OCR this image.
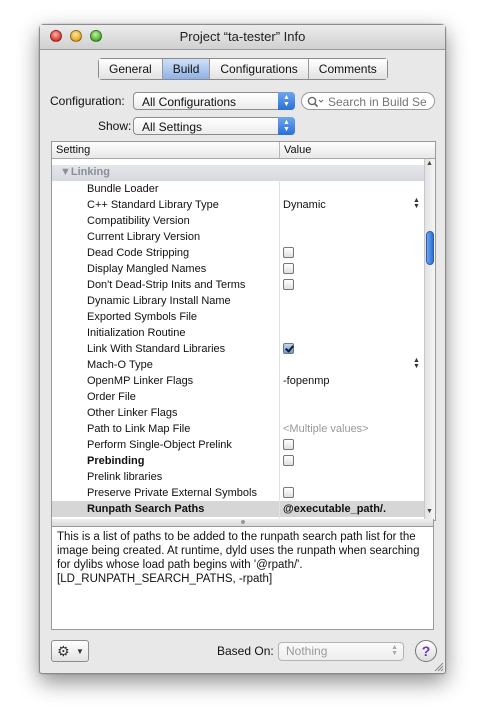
Project “ta-tester” Info
General	Build	Configurations	Comments
Configuration:	All Configurations	▲
▼
Search in Build Se
Show: All Settings	▲
▼
Setting	Value
▼Linking
Bundle Loader
C++ Standard Library Type	Dynamic	▲
▼
Compatibility Version
Current Library Version
Dead Code Stripping
Display Mangled Names
Don't Dead-Strip Inits and Terms
Dynamic Library Install Name
Exported Symbols File
Initialization Routine
Link With Standard Libraries
Mach-O Type	▲
▼
OpenMP Linker Flags	-fopenmp
Order File
Other Linker Flags
Path to Link Map File	<Multiple values>
Perform Single-Object Prelink
Prebinding
Prelink libraries
Preserve Private External Symbols
Runpath Search Paths	@executable_path/.
▲
▼
This is a list of paths to be added to the runpath search path list for the image being created. At runtime, dyld uses the runpath when searching for dylibs whose load path begins with '@rpath/'. [LD_RUNPATH_SEARCH_PATHS, -rpath]
⚙ ▼	Based On:	Nothing	▲
▼	?
